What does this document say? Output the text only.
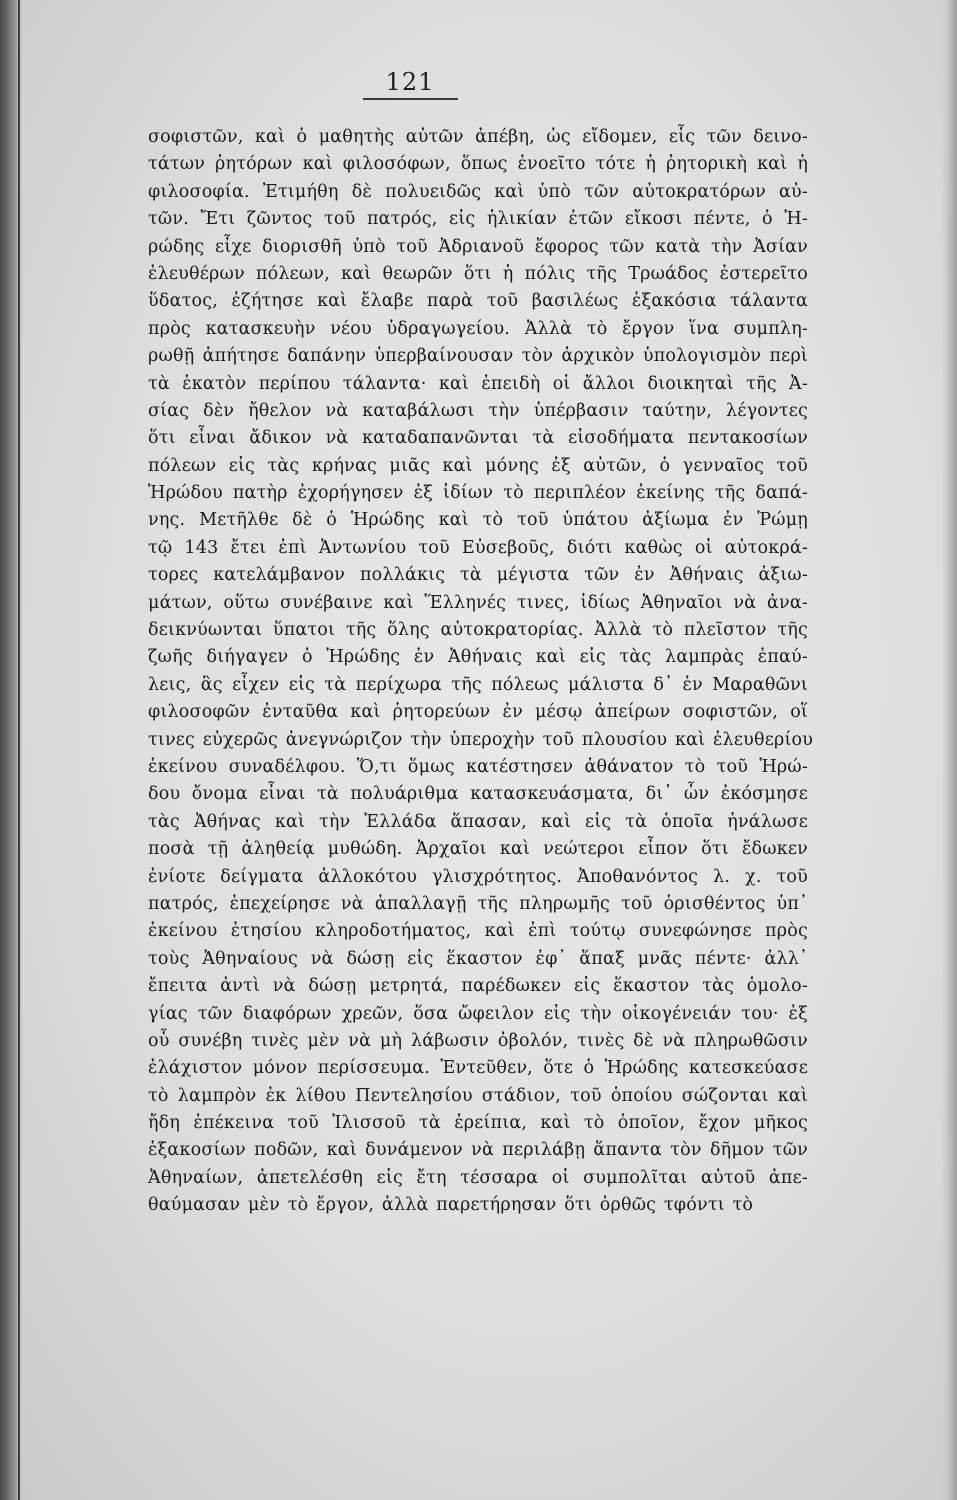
121
σοφιστῶν, καὶ ὁ μαθητὴς αὐτῶν ἀπέβη, ὡς εἴδομεν, εἷς τῶν δεινο-
τάτων ῥητόρων καὶ φιλοσόφων, ὅπως ἐνοεῖτο τότε ἡ ῥητορικὴ καὶ ἡ
φιλοσοφία. Ἐτιμήθη δὲ πολυειδῶς καὶ ὑπὸ τῶν αὐτοκρατόρων αὐ-
τῶν. Ἔτι ζῶντος τοῦ πατρός, εἰς ἡλικίαν ἐτῶν εἴκοσι πέντε, ὁ Ἡ-
ρώδης εἶχε διορισθῆ ὑπὸ τοῦ Ἀδριανοῦ ἔφορος τῶν κατὰ τὴν Ἀσίαν
ἐλευθέρων πόλεων, καὶ θεωρῶν ὅτι ἡ πόλις τῆς Τρωάδος ἐστερεῖτο
ὕδατος, ἐζήτησε καὶ ἔλαβε παρὰ τοῦ βασιλέως ἑξακόσια τάλαντα
πρὸς κατασκευὴν νέου ὑδραγωγείου. Ἀλλὰ τὸ ἔργον ἵνα συμπλη-
ρωθῇ ἀπήτησε δαπάνην ὑπερβαίνουσαν τὸν ἀρχικὸν ὑπολογισμὸν περὶ
τὰ ἑκατὸν περίπου τάλαντα· καὶ ἐπειδὴ οἱ ἄλλοι διοικηταὶ τῆς Ἀ-
σίας δὲν ἤθελον νὰ καταβάλωσι τὴν ὑπέρβασιν ταύτην, λέγοντες
ὅτι εἶναι ἄδικον νὰ καταδαπανῶνται τὰ εἰσοδήματα πεντακοσίων
πόλεων εἰς τὰς κρήνας μιᾶς καὶ μόνης ἐξ αὐτῶν, ὁ γενναῖος τοῦ
Ἡρώδου πατὴρ ἐχορήγησεν ἐξ ἰδίων τὸ περιπλέον ἐκείνης τῆς δαπά-
νης. Μετῆλθε δὲ ὁ Ἡρώδης καὶ τὸ τοῦ ὑπάτου ἀξίωμα ἐν Ῥώμῃ
τῷ 143 ἔτει ἐπὶ Ἀντωνίου τοῦ Εὐσεβοῦς, διότι καθὼς οἱ αὐτοκρά-
τορες κατελάμβανον πολλάκις τὰ μέγιστα τῶν ἐν Ἀθήναις ἀξιω-
μάτων, οὕτω συνέβαινε καὶ Ἕλληνές τινες, ἰδίως Ἀθηναῖοι νὰ ἀνα-
δεικνύωνται ὕπατοι τῆς ὅλης αὐτοκρατορίας. Ἀλλὰ τὸ πλεῖστον τῆς
ζωῆς διήγαγεν ὁ Ἡρώδης ἐν Ἀθήναις καὶ εἰς τὰς λαμπρὰς ἐπαύ-
λεις, ἃς εἶχεν εἰς τὰ περίχωρα τῆς πόλεως μάλιστα δ᾽ ἐν Μαραθῶνι
φιλοσοφῶν ἐνταῦθα καὶ ῥητορεύων ἐν μέσῳ ἀπείρων σοφιστῶν, οἵ
τινες εὐχερῶς ἀνεγνώριζον τὴν ὑπεροχὴν τοῦ πλουσίου καὶ ἐλευθερίου
ἐκείνου συναδέλφου. Ὅ,τι ὅμως κατέστησεν ἀθάνατον τὸ τοῦ Ἡρώ-
δου ὄνομα εἶναι τὰ πολυάριθμα κατασκευάσματα, δι᾽ ὧν ἐκόσμησε
τὰς Ἀθήνας καὶ τὴν Ἑλλάδα ἅπασαν, καὶ εἰς τὰ ὁποῖα ἠνάλωσε
ποσὰ τῇ ἀληθείᾳ μυθώδη. Ἀρχαῖοι καὶ νεώτεροι εἶπον ὅτι ἔδωκεν
ἐνίοτε δείγματα ἀλλοκότου γλισχρότητος. Ἀποθανόντος λ. χ. τοῦ
πατρός, ἐπεχείρησε νὰ ἀπαλλαγῇ τῆς πληρωμῆς τοῦ ὁρισθέντος ὑπ᾽
ἐκείνου ἐτησίου κληροδοτήματος, καὶ ἐπὶ τούτῳ συνεφώνησε πρὸς
τοὺς Ἀθηναίους νὰ δώσῃ εἰς ἕκαστον ἐφ᾽ ἅπαξ μνᾶς πέντε· ἀλλ᾽
ἔπειτα ἀντὶ νὰ δώσῃ μετρητά, παρέδωκεν εἰς ἕκαστον τὰς ὁμολο-
γίας τῶν διαφόρων χρεῶν, ὅσα ὤφειλον εἰς τὴν οἰκογένειάν του· ἐξ
οὗ συνέβη τινὲς μὲν νὰ μὴ λάβωσιν ὀβολόν, τινὲς δὲ νὰ πληρωθῶσιν
ἐλάχιστον μόνον περίσσευμα. Ἐντεῦθεν, ὅτε ὁ Ἡρώδης κατεσκεύασε
τὸ λαμπρὸν ἐκ λίθου Πεντελησίου στάδιον, τοῦ ὁποίου σώζονται καὶ
ἤδη ἐπέκεινα τοῦ Ἰλισσοῦ τὰ ἐρείπια, καὶ τὸ ὁποῖον, ἔχον μῆκος
ἑξακοσίων ποδῶν, καὶ δυνάμενον νὰ περιλάβῃ ἅπαντα τὸν δῆμον τῶν
Ἀθηναίων, ἀπετελέσθη εἰς ἔτη τέσσαρα οἱ συμπολῖται αὐτοῦ ἀπε-
θαύμασαν μὲν τὸ ἔργον, ἀλλὰ παρετήρησαν ὅτι ὀρθῶς τφόντι τὸ
